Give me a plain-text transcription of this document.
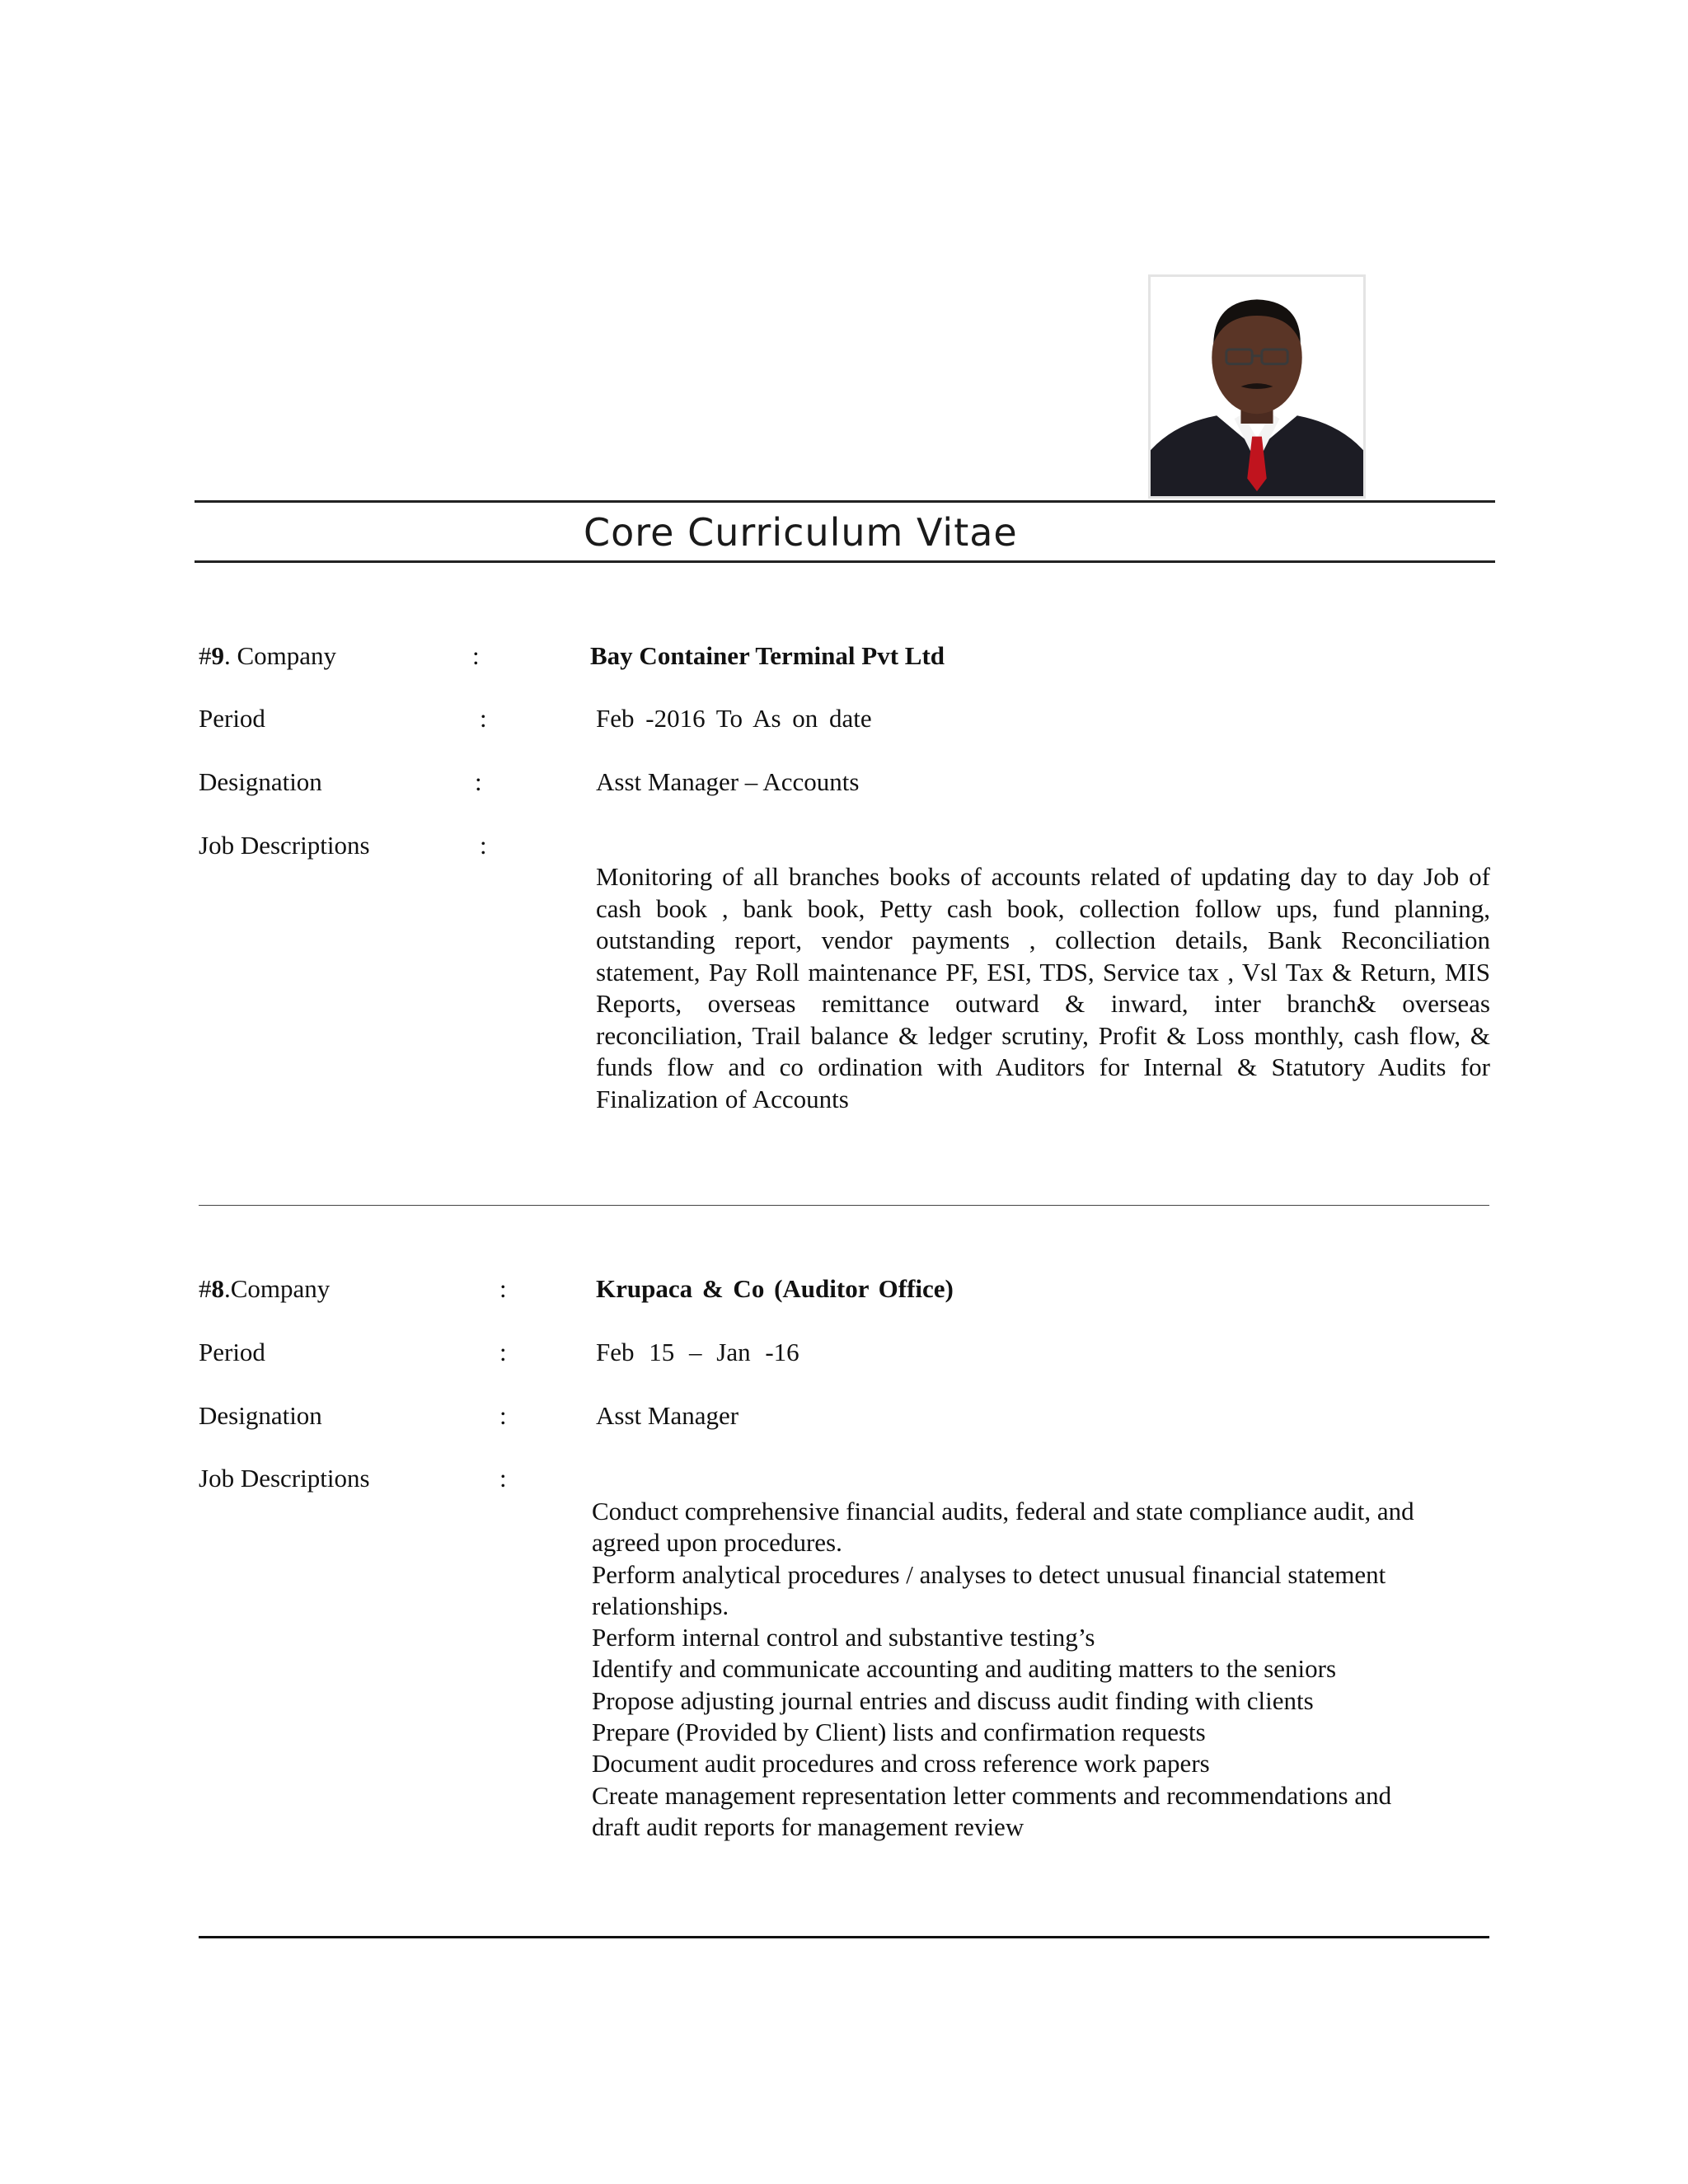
Core Curriculum Vitae
#9. Company	:	Bay Container Terminal Pvt Ltd
Period	:	Feb -2016 To As on date
Designation	:	Asst Manager – Accounts
Job Descriptions	:

Monitoring of all branches books of accounts related of updating day to day Job of cash book , bank book, Petty cash book, collection follow ups, fund planning, outstanding report, vendor payments , collection details, Bank Reconciliation statement, Pay Roll maintenance PF, ESI, TDS, Service tax , Vsl Tax & Return, MIS Reports, overseas remittance outward & inward, inter branch& overseas reconciliation, Trail balance & ledger scrutiny, Profit & Loss monthly, cash flow, & funds flow and co ordination with Auditors for Internal & Statutory Audits for Finalization of Accounts

#8.Company	:	Krupaca & Co (Auditor Office)
Period	:	Feb 15 – Jan -16
Designation	:	Asst Manager
Job Descriptions	:
Conduct comprehensive financial audits, federal and state compliance audit, and
agreed upon procedures.
Perform analytical procedures / analyses to detect unusual financial statement
relationships.
Perform internal control and substantive testing’s
Identify and communicate accounting and auditing matters to the seniors
Propose adjusting journal entries and discuss audit finding with clients
Prepare (Provided by Client) lists and confirmation requests
Document audit procedures and cross reference work papers
Create management representation letter comments and recommendations and
draft audit reports for management review
